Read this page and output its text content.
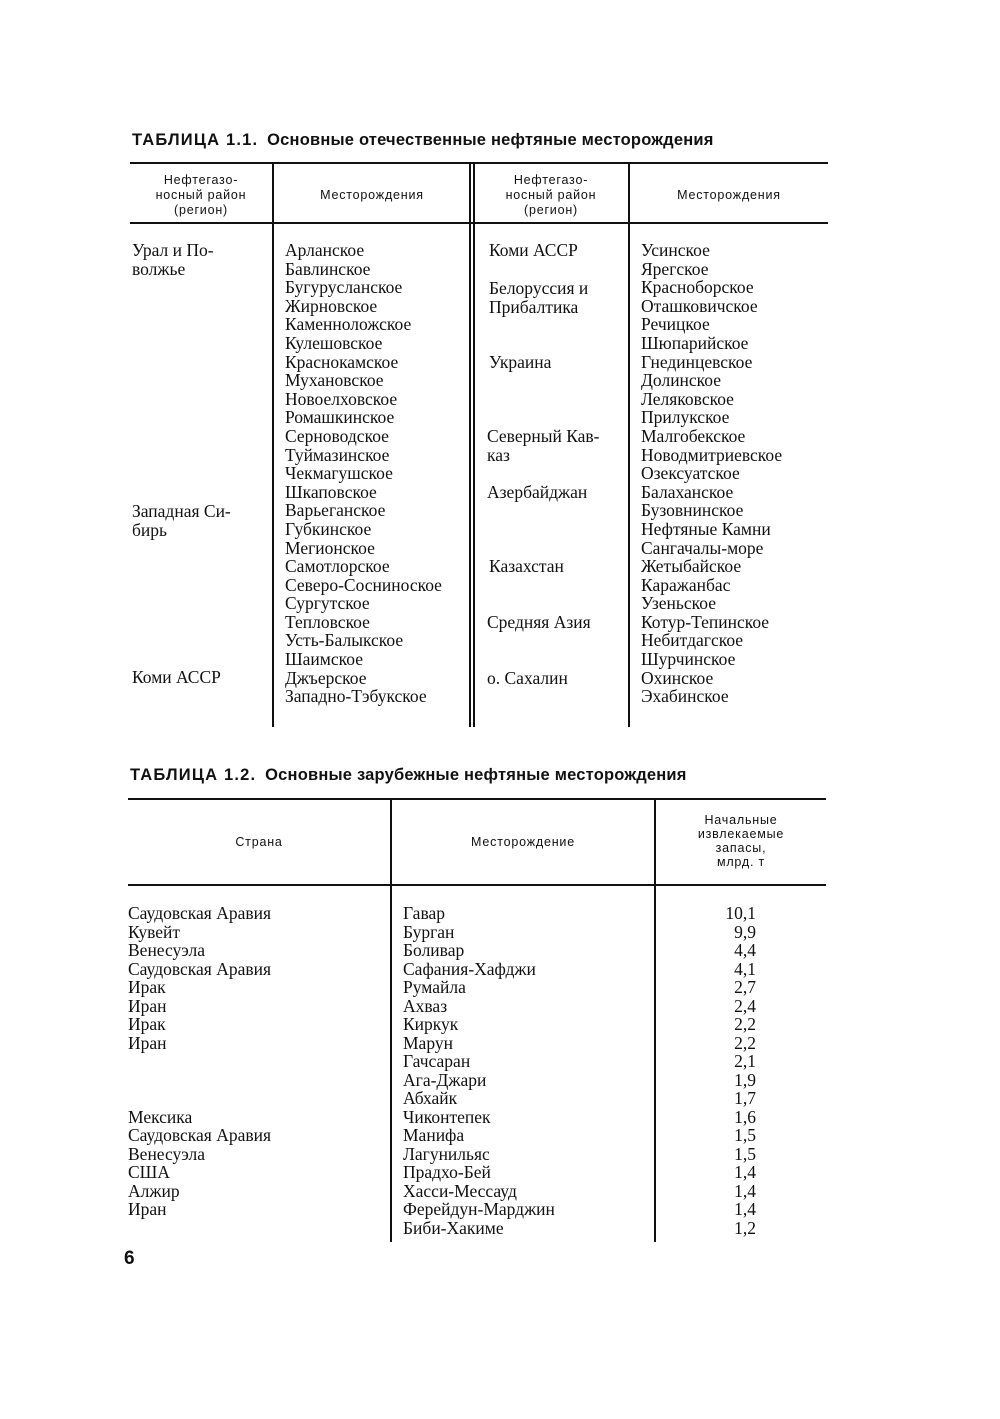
ТАБЛИЦА 1.1. Основные отечественные нефтяные месторождения
Нефтегазо-
носный район
(регион)
Месторождения
Нефтегазо-
носный район
(регион)
Месторождения
Урал и По-
волжье
Западная Си-
бирь
Коми АССР
Арланское
Бавлинское
Бугурусланское
Жирновское
Каменноложское
Кулешовское
Краснокамское
Мухановское
Новоелховское
Ромашкинское
Серноводское
Туймазинское
Чекмагушское
Шкаповское
Варьеганское
Губкинское
Мегионское
Самотлорское
Северо-Сосниноское
Сургутское
Тепловское
Усть-Балыкское
Шаимское
Джъерское
Западно-Тэбукское
Коми АССР
Белоруссия и
Прибалтика
Украина
Северный Кав-
каз
Азербайджан
Казахстан
Средняя Азия
о. Сахалин
Усинское
Ярегское
Красноборское
Оташковичское
Речицкое
Шюпарийское
Гнединцевское
Долинское
Леляковское
Прилукское
Малгобекское
Новодмитриевское
Озексуатское
Балаханское
Бузовнинское
Нефтяные Камни
Сангачалы-море
Жетыбайское
Каражанбас
Узеньское
Котур-Тепинское
Небитдагское
Шурчинское
Охинское
Эхабинское
ТАБЛИЦА 1.2. Основные зарубежные нефтяные месторождения
Страна	Месторождение
Начальные
извлекаемые
запасы,
млрд. т
Саудовская Аравия
Кувейт
Венесуэла
Саудовская Аравия
Ирак
Иран
Ирак
Иран
Мексика
Саудовская Аравия
Венесуэла
США
Алжир
Иран
Гавар
Бурган
Боливар
Сафания-Хафджи
Румайла
Ахваз
Киркук
Марун
Гачсаран
Ага-Джари
Абхайк
Чиконтепек
Манифа
Лагунильяс
Прадхо-Бей
Хасси-Мессауд
Ферейдун-Марджин
Биби-Хакиме
10,1
9,9
4,4
4,1
2,7
2,4
2,2
2,2
2,1
1,9
1,7
1,6
1,5
1,5
1,4
1,4
1,4
1,2
6
